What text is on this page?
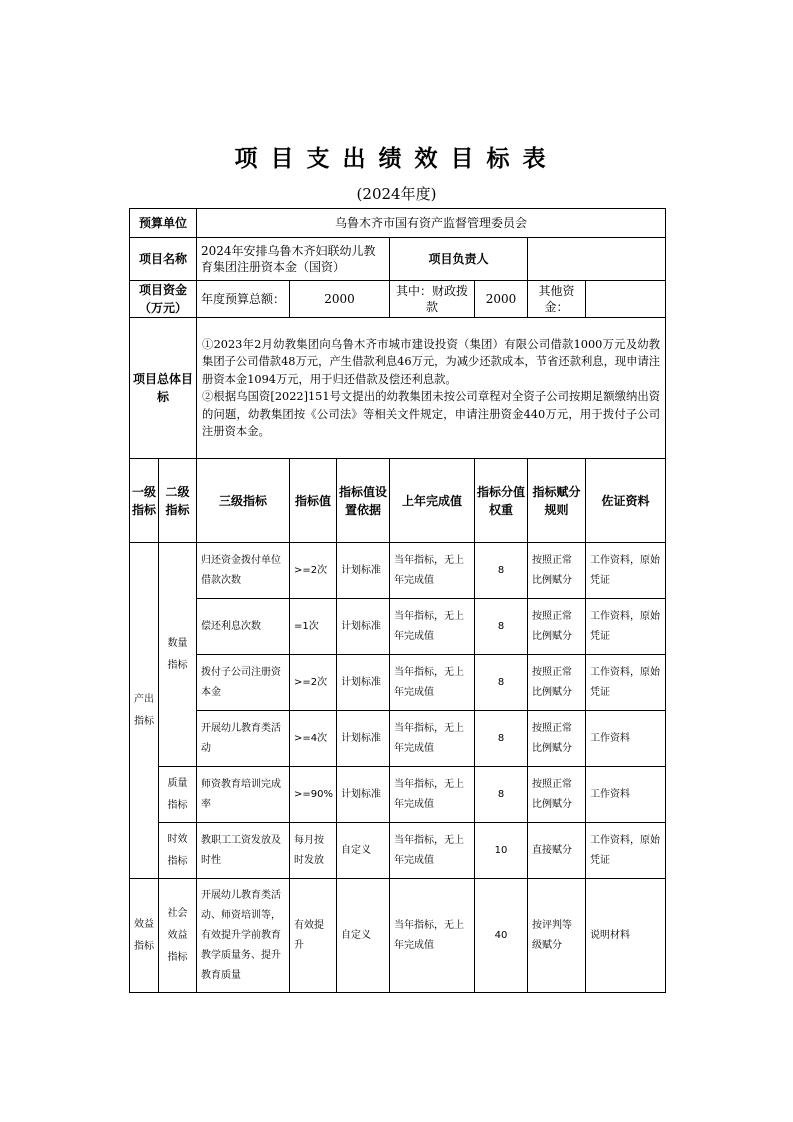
项目支出绩效目标表
(2024年度)
预算单位		乌鲁木齐市国有资产监督管理委员会						
项目名称		2024年安排乌鲁木齐妇联幼儿教育集团注册资本金（国资）			项目负责人			
项目资金（万元）		年度预算总额：	2000		其中：财政拨款	2000	其他资金：	
项目总体目标		①2023年2月幼教集团向乌鲁木齐市城市建设投资（集团）有限公司借款1000万元及幼教集团子公司借款48万元，产生借款利息46万元，为减少还款成本，节省还款利息，现申请注册资本金1094万元，用于归还借款及偿还利息款。
②根据乌国资[2022]151号文提出的幼教集团未按公司章程对全资子公司按期足额缴纳出资的问题，幼教集团按《公司法》等相关文件规定，申请注册资金440万元，用于拨付子公司注册资本金。						

一级指标	二级指标	三级指标	指标值	指标值设置依据	上年完成值	指标分值权重	指标赋分规则	佐证资料
产出指标	数量指标	归还资金拨付单位借款次数	>=2次	计划标准	当年指标，无上年完成值	8	按照正常比例赋分	工作资料，原始凭证
		偿还利息次数	=1次	计划标准	当年指标，无上年完成值	8	按照正常比例赋分	工作资料，原始凭证
		拨付子公司注册资本金	>=2次	计划标准	当年指标，无上年完成值	8	按照正常比例赋分	工作资料，原始凭证
		开展幼儿教育类活动	>=4次	计划标准	当年指标，无上年完成值	8	按照正常比例赋分	工作资料
	质量指标	师资教育培训完成率	>=90%	计划标准	当年指标，无上年完成值	8	按照正常比例赋分	工作资料
	时效指标	教职工工资发放及时性	每月按时发放	自定义	当年指标，无上年完成值	10	直接赋分	工作资料，原始凭证
效益指标	社会效益指标	开展幼儿教育类活动、师资培训等，有效提升学前教育教学质量务、提升教育质量	有效提升	自定义	当年指标，无上年完成值	40	按评判等级赋分	说明材料
